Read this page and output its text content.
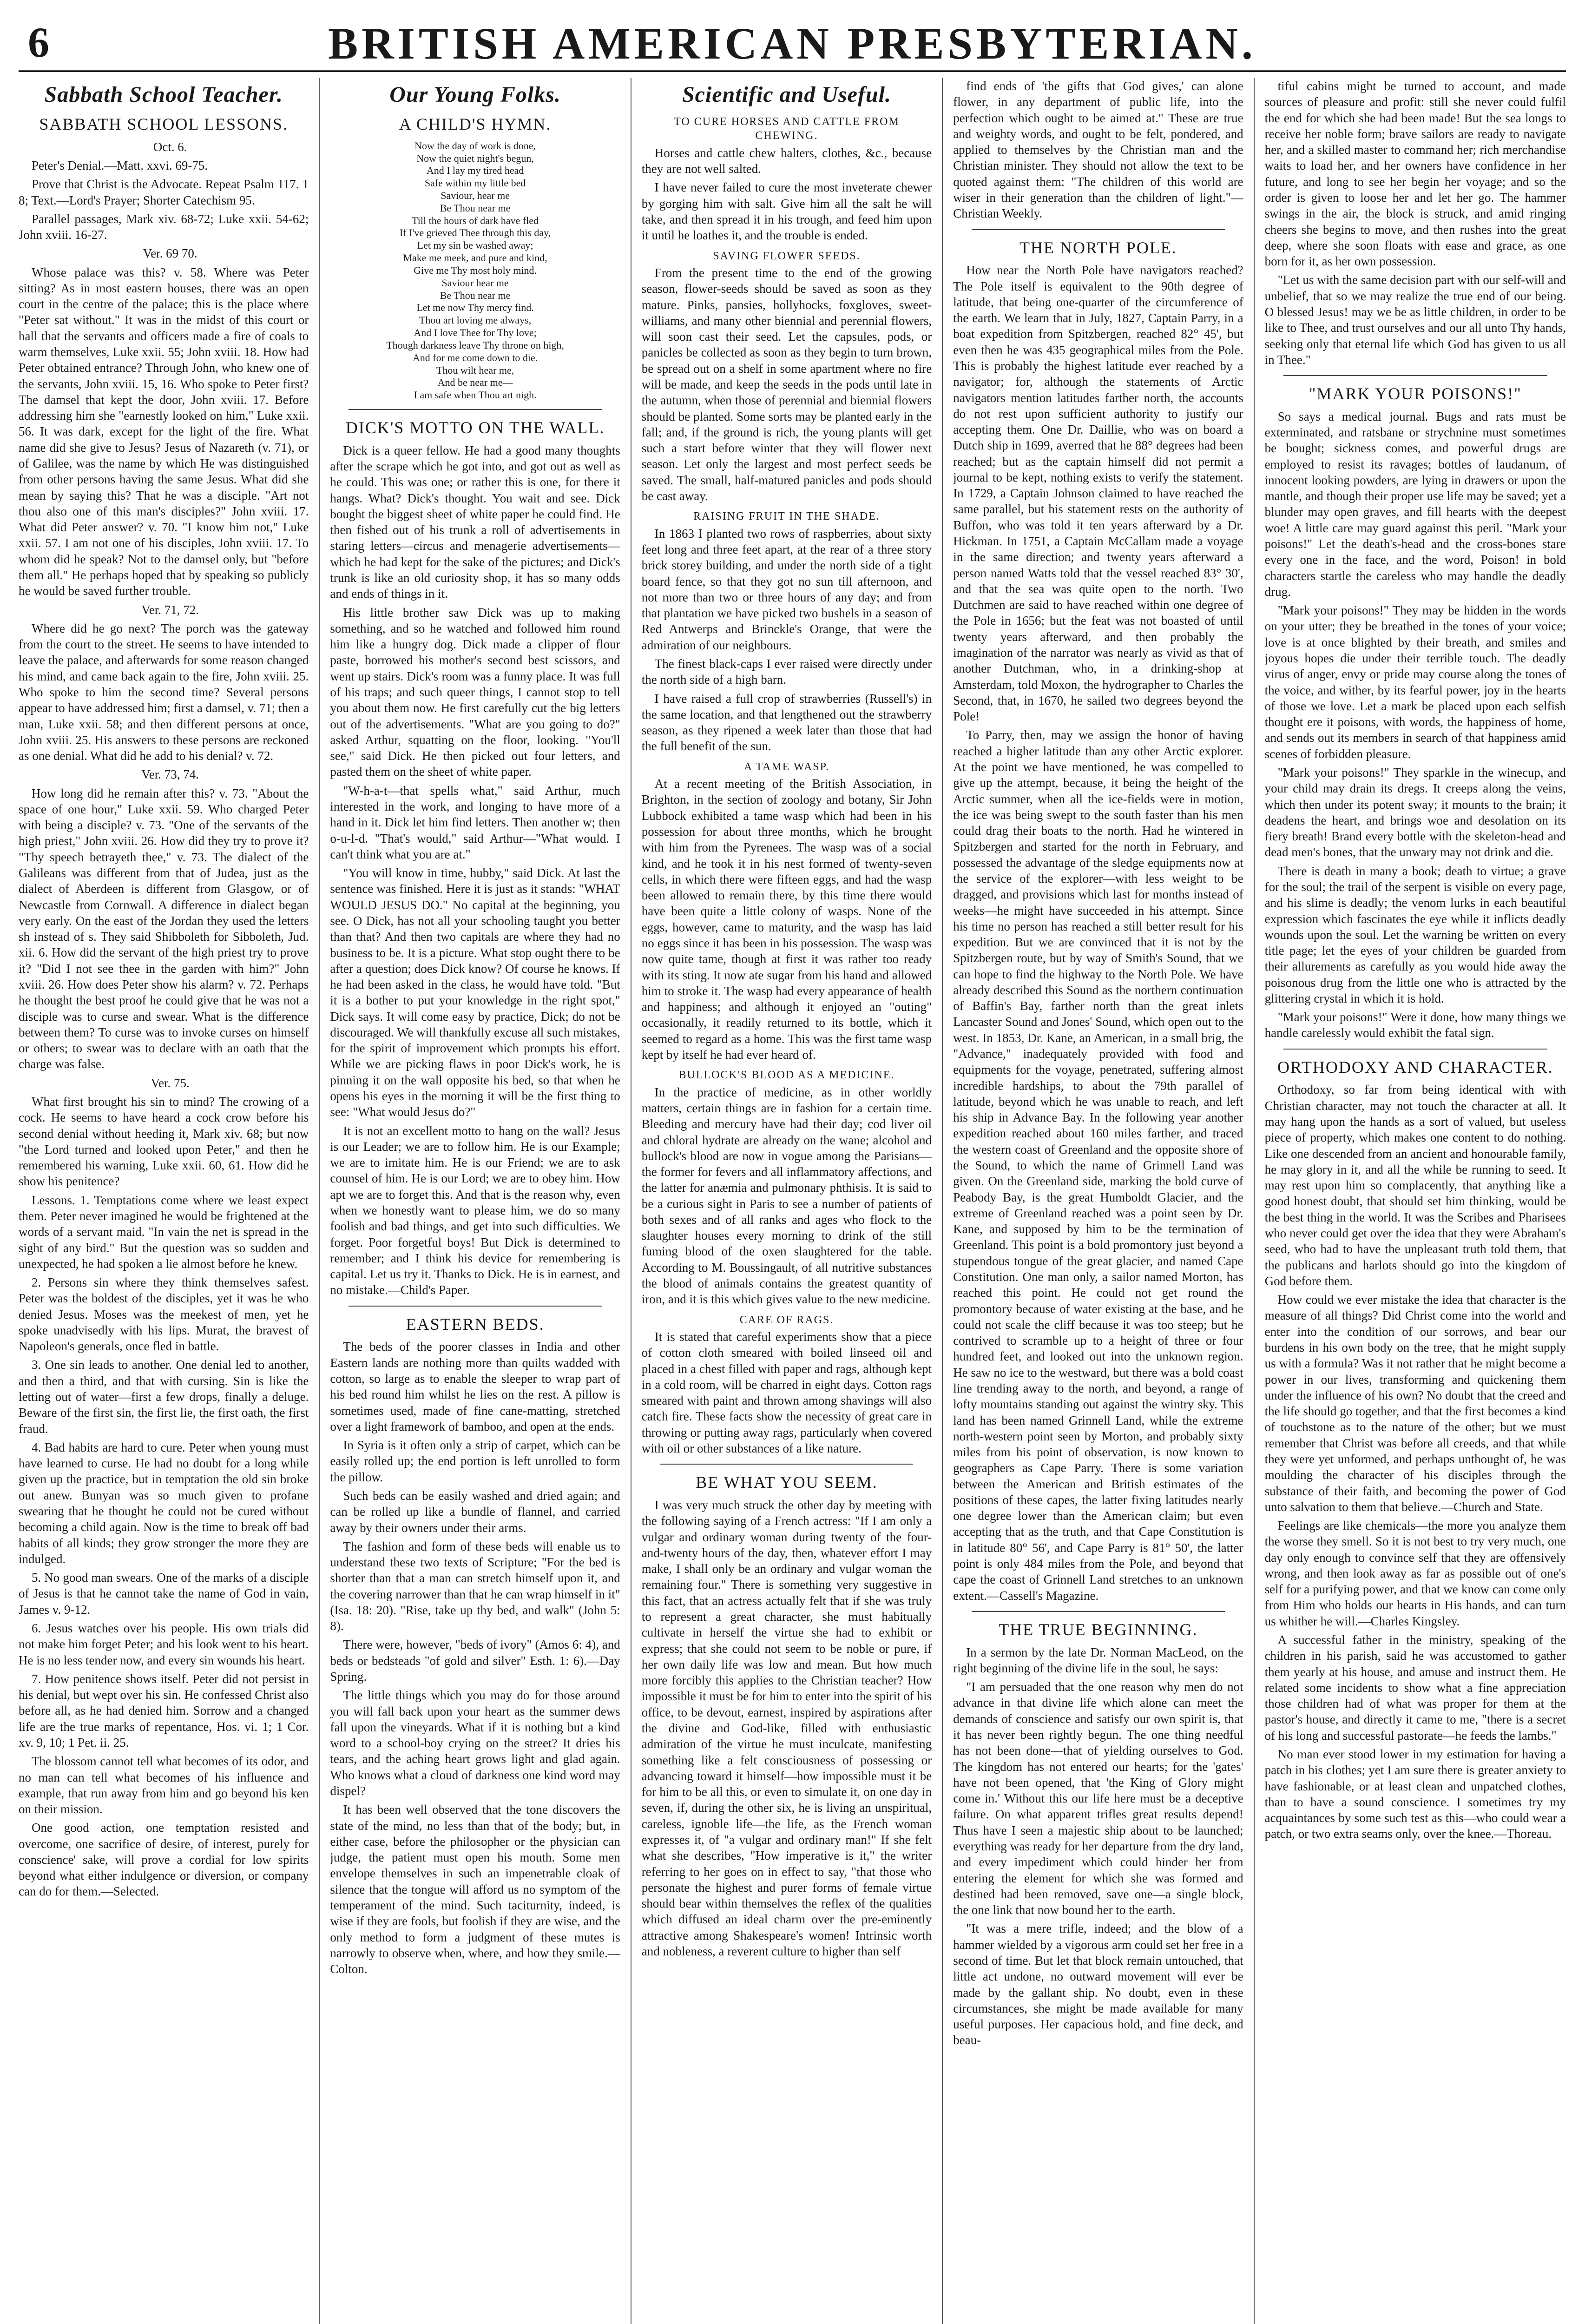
6	BRITISH AMERICAN PRESBYTERIAN.
Sabbath School Teacher.
SABBATH SCHOOL LESSONS.

Oct. 6.

Peter's Denial.—Matt. xxvi. 69-75.

Prove that Christ is the Advocate. Repeat Psalm 117. 1 8; Text.—Lord's Prayer; Shorter Catechism 95.

Parallel passages, Mark xiv. 68-72; Luke xxii. 54-62; John xviii. 16-27.

Ver. 69 70.

Whose palace was this? v. 58. Where was Peter sitting? As in most eastern houses, there was an open court in the centre of the palace; this is the place where "Peter sat without." It was in the midst of this court or hall that the servants and officers made a fire of coals to warm themselves, Luke xxii. 55; John xviii. 18. How had Peter obtained entrance? Through John, who knew one of the servants, John xviii. 15, 16. Who spoke to Peter first? The damsel that kept the door, John xviii. 17. Before addressing him she "earnestly looked on him," Luke xxii. 56. It was dark, except for the light of the fire. What name did she give to Jesus? Jesus of Nazareth (v. 71), or of Galilee, was the name by which He was distinguished from other persons having the same Jesus. What did she mean by saying this? That he was a disciple. "Art not thou also one of this man's disciples?" John xviii. 17. What did Peter answer? v. 70. "I know him not," Luke xxii. 57. I am not one of his disciples, John xviii. 17. To whom did he speak? Not to the damsel only, but "before them all." He perhaps hoped that by speaking so publicly he would be saved further trouble.

Ver. 71, 72.

Where did he go next? The porch was the gateway from the court to the street. He seems to have intended to leave the palace, and afterwards for some reason changed his mind, and came back again to the fire, John xviii. 25. Who spoke to him the second time? Several persons appear to have addressed him; first a damsel, v. 71; then a man, Luke xxii. 58; and then different persons at once, John xviii. 25. His answers to these persons are reckoned as one denial. What did he add to his denial? v. 72.

Ver. 73, 74.

How long did he remain after this? v. 73. "About the space of one hour," Luke xxii. 59. Who charged Peter with being a disciple? v. 73. "One of the servants of the high priest," John xviii. 26. How did they try to prove it? "Thy speech betrayeth thee," v. 73. The dialect of the Galileans was different from that of Judea, just as the dialect of Aberdeen is different from Glasgow, or of Newcastle from Cornwall. A difference in dialect began very early. On the east of the Jordan they used the letters sh instead of s. They said Shibboleth for Sibboleth, Jud. xii. 6. How did the servant of the high priest try to prove it? "Did I not see thee in the garden with him?" John xviii. 26. How does Peter show his alarm? v. 72. Perhaps he thought the best proof he could give that he was not a disciple was to curse and swear. What is the difference between them? To curse was to invoke curses on himself or others; to swear was to declare with an oath that the charge was false.

Ver. 75.

What first brought his sin to mind? The crowing of a cock. He seems to have heard a cock crow before his second denial without heeding it, Mark xiv. 68; but now "the Lord turned and looked upon Peter," and then he remembered his warning, Luke xxii. 60, 61. How did he show his penitence?

Lessons. 1. Temptations come where we least expect them. Peter never imagined he would be frightened at the words of a servant maid. "In vain the net is spread in the sight of any bird." But the question was so sudden and unexpected, he had spoken a lie almost before he knew.

2. Persons sin where they think themselves safest. Peter was the boldest of the disciples, yet it was he who denied Jesus. Moses was the meekest of men, yet he spoke unadvisedly with his lips. Murat, the bravest of Napoleon's generals, once fled in battle.

3. One sin leads to another. One denial led to another, and then a third, and that with cursing. Sin is like the letting out of water—first a few drops, finally a deluge. Beware of the first sin, the first lie, the first oath, the first fraud.

4. Bad habits are hard to cure. Peter when young must have learned to curse. He had no doubt for a long while given up the practice, but in temptation the old sin broke out anew. Bunyan was so much given to profane swearing that he thought he could not be cured without becoming a child again. Now is the time to break off bad habits of all kinds; they grow stronger the more they are indulged.

5. No good man swears. One of the marks of a disciple of Jesus is that he cannot take the name of God in vain, James v. 9-12.

6. Jesus watches over his people. His own trials did not make him forget Peter; and his look went to his heart. He is no less tender now, and every sin wounds his heart.

7. How penitence shows itself. Peter did not persist in his denial, but wept over his sin. He confessed Christ also before all, as he had denied him. Sorrow and a changed life are the true marks of repentance, Hos. vi. 1; 1 Cor. xv. 9, 10; 1 Pet. ii. 25.

The blossom cannot tell what becomes of its odor, and no man can tell what becomes of his influence and example, that run away from him and go beyond his ken on their mission.

One good action, one temptation resisted and overcome, one sacrifice of desire, of interest, purely for conscience' sake, will prove a cordial for low spirits beyond what either indulgence or diversion, or company can do for them.—Selected.

Our Young Folks.
A CHILD'S HYMN.
Now the day of work is done,
Now the quiet night's begun,
And I lay my tired head
Safe within my little bed
Saviour, hear me
Be Thou near me
Till the hours of dark have fled
If I've grieved Thee through this day,
Let my sin be washed away;
Make me meek, and pure and kind,
Give me Thy most holy mind.
Saviour hear me
Be Thou near me
Let me now Thy mercy find.
Thou art loving me always,
And I love Thee for Thy love;
Though darkness leave Thy throne on high,
And for me come down to die.
Thou wilt hear me,
And be near me—
I am safe when Thou art nigh.
DICK'S MOTTO ON THE WALL.

Dick is a queer fellow. He had a good many thoughts after the scrape which he got into, and got out as well as he could. This was one; or rather this is one, for there it hangs. What? Dick's thought. You wait and see. Dick bought the biggest sheet of white paper he could find. He then fished out of his trunk a roll of advertisements in staring letters—circus and menagerie advertisements—which he had kept for the sake of the pictures; and Dick's trunk is like an old curiosity shop, it has so many odds and ends of things in it.

His little brother saw Dick was up to making something, and so he watched and followed him round him like a hungry dog. Dick made a clipper of flour paste, borrowed his mother's second best scissors, and went up stairs. Dick's room was a funny place. It was full of his traps; and such queer things, I cannot stop to tell you about them now. He first carefully cut the big letters out of the advertisements. "What are you going to do?" asked Arthur, squatting on the floor, looking. "You'll see," said Dick. He then picked out four letters, and pasted them on the sheet of white paper.

"W-h-a-t—that spells what," said Arthur, much interested in the work, and longing to have more of a hand in it. Dick let him find letters. Then another w; then o-u-l-d. "That's would," said Arthur—"What would. I can't think what you are at."

"You will know in time, hubby," said Dick. At last the sentence was finished. Here it is just as it stands: "WHAT WOULD JESUS DO." No capital at the beginning, you see. O Dick, has not all your schooling taught you better than that? And then two capitals are where they had no business to be. It is a picture. What stop ought there to be after a question; does Dick know? Of course he knows. If he had been asked in the class, he would have told. "But it is a bother to put your knowledge in the right spot," Dick says. It will come easy by practice, Dick; do not be discouraged. We will thankfully excuse all such mistakes, for the spirit of improvement which prompts his effort. While we are picking flaws in poor Dick's work, he is pinning it on the wall opposite his bed, so that when he opens his eyes in the morning it will be the first thing to see: "What would Jesus do?"

It is not an excellent motto to hang on the wall? Jesus is our Leader; we are to follow him. He is our Example; we are to imitate him. He is our Friend; we are to ask counsel of him. He is our Lord; we are to obey him. How apt we are to forget this. And that is the reason why, even when we honestly want to please him, we do so many foolish and bad things, and get into such difficulties. We forget. Poor forgetful boys! But Dick is determined to remember; and I think his device for remembering is capital. Let us try it. Thanks to Dick. He is in earnest, and no mistake.—Child's Paper.

EASTERN BEDS.

The beds of the poorer classes in India and other Eastern lands are nothing more than quilts wadded with cotton, so large as to enable the sleeper to wrap part of his bed round him whilst he lies on the rest. A pillow is sometimes used, made of fine cane-matting, stretched over a light framework of bamboo, and open at the ends.

In Syria is it often only a strip of carpet, which can be easily rolled up; the end portion is left unrolled to form the pillow.

Such beds can be easily washed and dried again; and can be rolled up like a bundle of flannel, and carried away by their owners under their arms.

The fashion and form of these beds will enable us to understand these two texts of Scripture; "For the bed is shorter than that a man can stretch himself upon it, and the covering narrower than that he can wrap himself in it" (Isa. 18: 20). "Rise, take up thy bed, and walk" (John 5: 8).

There were, however, "beds of ivory" (Amos 6: 4), and beds or bedsteads "of gold and silver" Esth. 1: 6).—Day Spring.

The little things which you may do for those around you will fall back upon your heart as the summer dews fall upon the vineyards. What if it is nothing but a kind word to a school-boy crying on the street? It dries his tears, and the aching heart grows light and glad again. Who knows what a cloud of darkness one kind word may dispel?

It has been well observed that the tone discovers the state of the mind, no less than that of the body; but, in either case, before the philosopher or the physician can judge, the patient must open his mouth. Some men envelope themselves in such an impenetrable cloak of silence that the tongue will afford us no symptom of the temperament of the mind. Such taciturnity, indeed, is wise if they are fools, but foolish if they are wise, and the only method to form a judgment of these mutes is narrowly to observe when, where, and how they smile.—Colton.

Scientific and Useful.
TO CURE HORSES AND CATTLE FROM CHEWING.

Horses and cattle chew halters, clothes, &c., because they are not well salted.

I have never failed to cure the most inveterate chewer by gorging him with salt. Give him all the salt he will take, and then spread it in his trough, and feed him upon it until he loathes it, and the trouble is ended.

SAVING FLOWER SEEDS.

From the present time to the end of the growing season, flower-seeds should be saved as soon as they mature. Pinks, pansies, hollyhocks, foxgloves, sweet-williams, and many other biennial and perennial flowers, will soon cast their seed. Let the capsules, pods, or panicles be collected as soon as they begin to turn brown, be spread out on a shelf in some apartment where no fire will be made, and keep the seeds in the pods until late in the autumn, when those of perennial and biennial flowers should be planted. Some sorts may be planted early in the fall; and, if the ground is rich, the young plants will get such a start before winter that they will flower next season. Let only the largest and most perfect seeds be saved. The small, half-matured panicles and pods should be cast away.

RAISING FRUIT IN THE SHADE.

In 1863 I planted two rows of raspberries, about sixty feet long and three feet apart, at the rear of a three story brick storey building, and under the north side of a tight board fence, so that they got no sun till afternoon, and not more than two or three hours of any day; and from that plantation we have picked two bushels in a season of Red Antwerps and Brinckle's Orange, that were the admiration of our neighbours.

The finest black-caps I ever raised were directly under the north side of a high barn.

I have raised a full crop of strawberries (Russell's) in the same location, and that lengthened out the strawberry season, as they ripened a week later than those that had the full benefit of the sun.

A TAME WASP.

At a recent meeting of the British Association, in Brighton, in the section of zoology and botany, Sir John Lubbock exhibited a tame wasp which had been in his possession for about three months, which he brought with him from the Pyrenees. The wasp was of a social kind, and he took it in his nest formed of twenty-seven cells, in which there were fifteen eggs, and had the wasp been allowed to remain there, by this time there would have been quite a little colony of wasps. None of the eggs, however, came to maturity, and the wasp has laid no eggs since it has been in his possession. The wasp was now quite tame, though at first it was rather too ready with its sting. It now ate sugar from his hand and allowed him to stroke it. The wasp had every appearance of health and happiness; and although it enjoyed an "outing" occasionally, it readily returned to its bottle, which it seemed to regard as a home. This was the first tame wasp kept by itself he had ever heard of.

BULLOCK'S BLOOD AS A MEDICINE.

In the practice of medicine, as in other worldly matters, certain things are in fashion for a certain time. Bleeding and mercury have had their day; cod liver oil and chloral hydrate are already on the wane; alcohol and bullock's blood are now in vogue among the Parisians—the former for fevers and all inflammatory affections, and the latter for anæmia and pulmonary phthisis. It is said to be a curious sight in Paris to see a number of patients of both sexes and of all ranks and ages who flock to the slaughter houses every morning to drink of the still fuming blood of the oxen slaughtered for the table. According to M. Boussingault, of all nutritive substances the blood of animals contains the greatest quantity of iron, and it is this which gives value to the new medicine.

CARE OF RAGS.

It is stated that careful experiments show that a piece of cotton cloth smeared with boiled linseed oil and placed in a chest filled with paper and rags, although kept in a cold room, will be charred in eight days. Cotton rags smeared with paint and thrown among shavings will also catch fire. These facts show the necessity of great care in throwing or putting away rags, particularly when covered with oil or other substances of a like nature.

BE WHAT YOU SEEM.

I was very much struck the other day by meeting with the following saying of a French actress: "If I am only a vulgar and ordinary woman during twenty of the four-and-twenty hours of the day, then, whatever effort I may make, I shall only be an ordinary and vulgar woman the remaining four." There is something very suggestive in this fact, that an actress actually felt that if she was truly to represent a great character, she must habitually cultivate in herself the virtue she had to exhibit or express; that she could not seem to be noble or pure, if her own daily life was low and mean. But how much more forcibly this applies to the Christian teacher? How impossible it must be for him to enter into the spirit of his office, to be devout, earnest, inspired by aspirations after the divine and God-like, filled with enthusiastic admiration of the virtue he must inculcate, manifesting something like a felt consciousness of possessing or advancing toward it himself—how impossible must it be for him to be all this, or even to simulate it, on one day in seven, if, during the other six, he is living an unspiritual, careless, ignoble life—the life, as the French woman expresses it, of "a vulgar and ordinary man!" If she felt what she describes, "How imperative is it," the writer referring to her goes on in effect to say, "that those who personate the highest and purer forms of female virtue should bear within themselves the reflex of the qualities which diffused an ideal charm over the pre-eminently attractive among Shakespeare's women! Intrinsic worth and nobleness, a reverent culture to higher than self

find ends of 'the gifts that God gives,' can alone flower, in any department of public life, into the perfection which ought to be aimed at." These are true and weighty words, and ought to be felt, pondered, and applied to themselves by the Christian man and the Christian minister. They should not allow the text to be quoted against them: "The children of this world are wiser in their generation than the children of light."—Christian Weekly.

THE NORTH POLE.

How near the North Pole have navigators reached? The Pole itself is equivalent to the 90th degree of latitude, that being one-quarter of the circumference of the earth. We learn that in July, 1827, Captain Parry, in a boat expedition from Spitzbergen, reached 82° 45', but even then he was 435 geographical miles from the Pole. This is probably the highest latitude ever reached by a navigator; for, although the statements of Arctic navigators mention latitudes farther north, the accounts do not rest upon sufficient authority to justify our accepting them. One Dr. Daillie, who was on board a Dutch ship in 1699, averred that he 88° degrees had been reached; but as the captain himself did not permit a journal to be kept, nothing exists to verify the statement. In 1729, a Captain Johnson claimed to have reached the same parallel, but his statement rests on the authority of Buffon, who was told it ten years afterward by a Dr. Hickman. In 1751, a Captain McCallam made a voyage in the same direction; and twenty years afterward a person named Watts told that the vessel reached 83° 30', and that the sea was quite open to the north. Two Dutchmen are said to have reached within one degree of the Pole in 1656; but the feat was not boasted of until twenty years afterward, and then probably the imagination of the narrator was nearly as vivid as that of another Dutchman, who, in a drinking-shop at Amsterdam, told Moxon, the hydrographer to Charles the Second, that, in 1670, he sailed two degrees beyond the Pole!

To Parry, then, may we assign the honor of having reached a higher latitude than any other Arctic explorer. At the point we have mentioned, he was compelled to give up the attempt, because, it being the height of the Arctic summer, when all the ice-fields were in motion, the ice was being swept to the south faster than his men could drag their boats to the north. Had he wintered in Spitzbergen and started for the north in February, and possessed the advantage of the sledge equipments now at the service of the explorer—with less weight to be dragged, and provisions which last for months instead of weeks—he might have succeeded in his attempt. Since his time no person has reached a still better result for his expedition. But we are convinced that it is not by the Spitzbergen route, but by way of Smith's Sound, that we can hope to find the highway to the North Pole. We have already described this Sound as the northern continuation of Baffin's Bay, farther north than the great inlets Lancaster Sound and Jones' Sound, which open out to the west. In 1853, Dr. Kane, an American, in a small brig, the "Advance," inadequately provided with food and equipments for the voyage, penetrated, suffering almost incredible hardships, to about the 79th parallel of latitude, beyond which he was unable to reach, and left his ship in Advance Bay. In the following year another expedition reached about 160 miles farther, and traced the western coast of Greenland and the opposite shore of the Sound, to which the name of Grinnell Land was given. On the Greenland side, marking the bold curve of Peabody Bay, is the great Humboldt Glacier, and the extreme of Greenland reached was a point seen by Dr. Kane, and supposed by him to be the termination of Greenland. This point is a bold promontory just beyond a stupendous tongue of the great glacier, and named Cape Constitution. One man only, a sailor named Morton, has reached this point. He could not get round the promontory because of water existing at the base, and he could not scale the cliff because it was too steep; but he contrived to scramble up to a height of three or four hundred feet, and looked out into the unknown region. He saw no ice to the westward, but there was a bold coast line trending away to the north, and beyond, a range of lofty mountains standing out against the wintry sky. This land has been named Grinnell Land, while the extreme north-western point seen by Morton, and probably sixty miles from his point of observation, is now known to geographers as Cape Parry. There is some variation between the American and British estimates of the positions of these capes, the latter fixing latitudes nearly one degree lower than the American claim; but even accepting that as the truth, and that Cape Constitution is in latitude 80° 56', and Cape Parry is 81° 50', the latter point is only 484 miles from the Pole, and beyond that cape the coast of Grinnell Land stretches to an unknown extent.—Cassell's Magazine.

THE TRUE BEGINNING.

In a sermon by the late Dr. Norman MacLeod, on the right beginning of the divine life in the soul, he says:

"I am persuaded that the one reason why men do not advance in that divine life which alone can meet the demands of conscience and satisfy our own spirit is, that it has never been rightly begun. The one thing needful has not been done—that of yielding ourselves to God. The kingdom has not entered our hearts; for the 'gates' have not been opened, that 'the King of Glory might come in.' Without this our life here must be a deceptive failure. On what apparent trifles great results depend! Thus have I seen a majestic ship about to be launched; everything was ready for her departure from the dry land, and every impediment which could hinder her from entering the element for which she was formed and destined had been removed, save one—a single block, the one link that now bound her to the earth.

"It was a mere trifle, indeed; and the blow of a hammer wielded by a vigorous arm could set her free in a second of time. But let that block remain untouched, that little act undone, no outward movement will ever be made by the gallant ship. No doubt, even in these circumstances, she might be made available for many useful purposes. Her capacious hold, and fine deck, and beau-

tiful cabins might be turned to account, and made sources of pleasure and profit: still she never could fulfil the end for which she had been made! But the sea longs to receive her noble form; brave sailors are ready to navigate her, and a skilled master to command her; rich merchandise waits to load her, and her owners have confidence in her future, and long to see her begin her voyage; and so the order is given to loose her and let her go. The hammer swings in the air, the block is struck, and amid ringing cheers she begins to move, and then rushes into the great deep, where she soon floats with ease and grace, as one born for it, as her own possession.

"Let us with the same decision part with our self-will and unbelief, that so we may realize the true end of our being. O blessed Jesus! may we be as little children, in order to be like to Thee, and trust ourselves and our all unto Thy hands, seeking only that eternal life which God has given to us all in Thee."

"MARK YOUR POISONS!"

So says a medical journal. Bugs and rats must be exterminated, and ratsbane or strychnine must sometimes be bought; sickness comes, and powerful drugs are employed to resist its ravages; bottles of laudanum, of innocent looking powders, are lying in drawers or upon the mantle, and though their proper use life may be saved; yet a blunder may open graves, and fill hearts with the deepest woe! A little care may guard against this peril. "Mark your poisons!" Let the death's-head and the cross-bones stare every one in the face, and the word, Poison! in bold characters startle the careless who may handle the deadly drug.

"Mark your poisons!" They may be hidden in the words on your utter; they be breathed in the tones of your voice; love is at once blighted by their breath, and smiles and joyous hopes die under their terrible touch. The deadly virus of anger, envy or pride may course along the tones of the voice, and wither, by its fearful power, joy in the hearts of those we love. Let a mark be placed upon each selfish thought ere it poisons, with words, the happiness of home, and sends out its members in search of that happiness amid scenes of forbidden pleasure.

"Mark your poisons!" They sparkle in the winecup, and your child may drain its dregs. It creeps along the veins, which then under its potent sway; it mounts to the brain; it deadens the heart, and brings woe and desolation on its fiery breath! Brand every bottle with the skeleton-head and dead men's bones, that the unwary may not drink and die.

There is death in many a book; death to virtue; a grave for the soul; the trail of the serpent is visible on every page, and his slime is deadly; the venom lurks in each beautiful expression which fascinates the eye while it inflicts deadly wounds upon the soul. Let the warning be written on every title page; let the eyes of your children be guarded from their allurements as carefully as you would hide away the poisonous drug from the little one who is attracted by the glittering crystal in which it is hold.

"Mark your poisons!" Were it done, how many things we handle carelessly would exhibit the fatal sign.

ORTHODOXY AND CHARACTER.

Orthodoxy, so far from being identical with with Christian character, may not touch the character at all. It may hang upon the hands as a sort of valued, but useless piece of property, which makes one content to do nothing. Like one descended from an ancient and honourable family, he may glory in it, and all the while be running to seed. It may rest upon him so complacently, that anything like a good honest doubt, that should set him thinking, would be the best thing in the world. It was the Scribes and Pharisees who never could get over the idea that they were Abraham's seed, who had to have the unpleasant truth told them, that the publicans and harlots should go into the kingdom of God before them.

How could we ever mistake the idea that character is the measure of all things? Did Christ come into the world and enter into the condition of our sorrows, and bear our burdens in his own body on the tree, that he might supply us with a formula? Was it not rather that he might become a power in our lives, transforming and quickening them under the influence of his own? No doubt that the creed and the life should go together, and that the first becomes a kind of touchstone as to the nature of the other; but we must remember that Christ was before all creeds, and that while they were yet unformed, and perhaps unthought of, he was moulding the character of his disciples through the substance of their faith, and becoming the power of God unto salvation to them that believe.—Church and State.

Feelings are like chemicals—the more you analyze them the worse they smell. So it is not best to try very much, one day only enough to convince self that they are offensively wrong, and then look away as far as possible out of one's self for a purifying power, and that we know can come only from Him who holds our hearts in His hands, and can turn us whither he will.—Charles Kingsley.

A successful father in the ministry, speaking of the children in his parish, said he was accustomed to gather them yearly at his house, and amuse and instruct them. He related some incidents to show what a fine appreciation those children had of what was proper for them at the pastor's house, and directly it came to me, "there is a secret of his long and successful pastorate—he feeds the lambs."

No man ever stood lower in my estimation for having a patch in his clothes; yet I am sure there is greater anxiety to have fashionable, or at least clean and unpatched clothes, than to have a sound conscience. I sometimes try my acquaintances by some such test as this—who could wear a patch, or two extra seams only, over the knee.—Thoreau.
